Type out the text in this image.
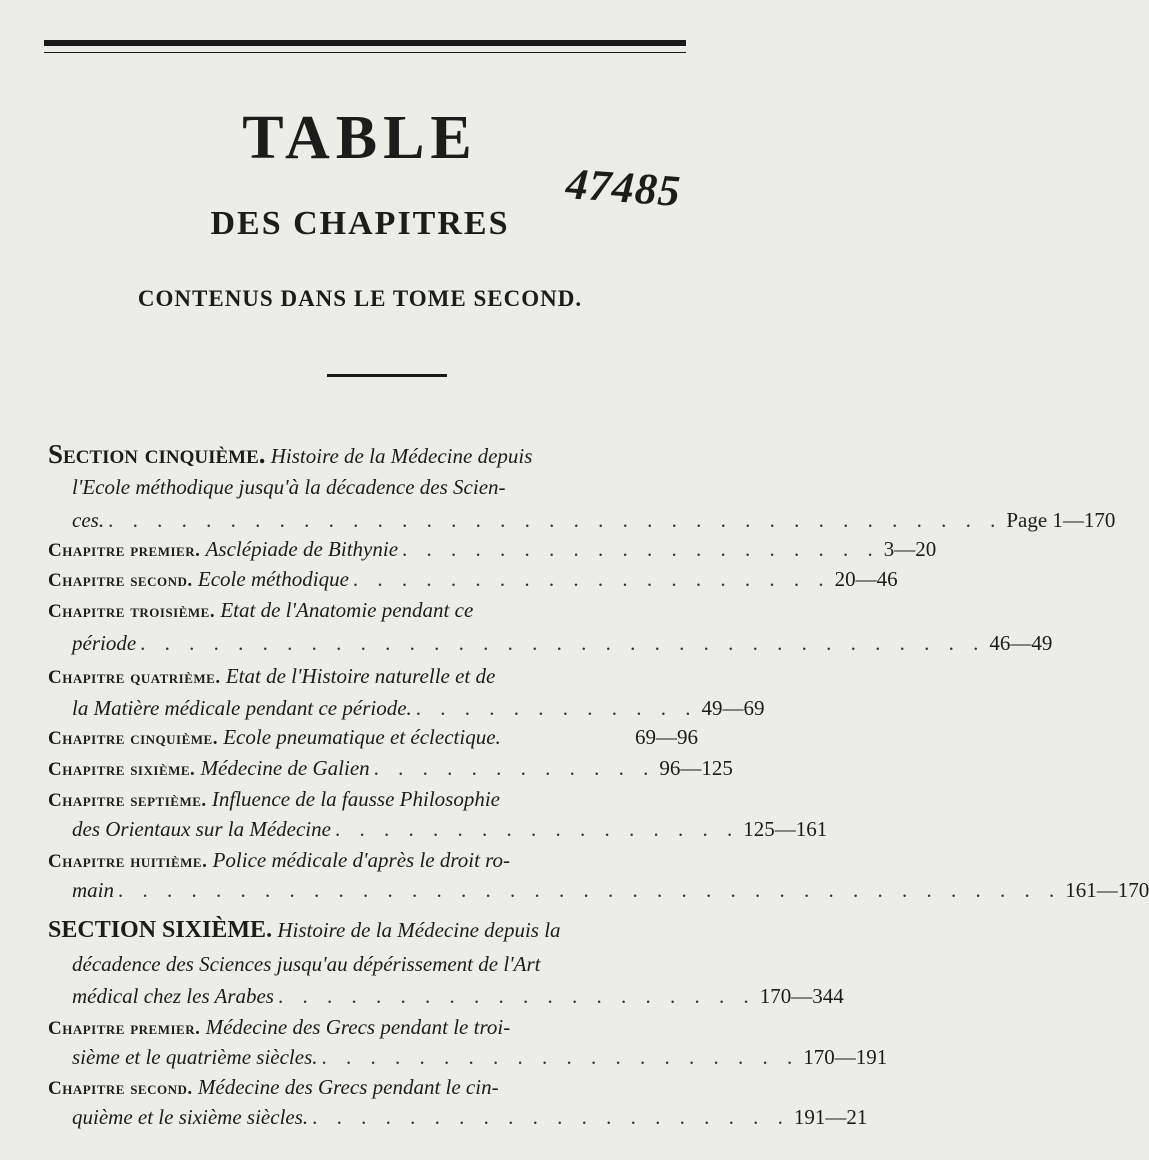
TABLE
47485
DES CHAPITRES
CONTENUS DANS LE TOME SECOND.
Section cinquième. Histoire de la Médecine depuis
l'Ecole méthodique jusqu'à la décadence des Scien-
ces. . . . . . . . . . . . . . . . . . . . . . . . . . . . . . . . . . . . . . Page 1—170
Chapitre premier. Asclépiade de Bithynie . . . . . . . . . . . . . . . . . . . . 3—20
Chapitre second. Ecole méthodique . . . . . . . . . . . . . . . . . . . . 20—46
Chapitre troisième. Etat de l'Anatomie pendant ce
période . . . . . . . . . . . . . . . . . . . . . . . . . . . . . . . . . . . 46—49
Chapitre quatrième. Etat de l'Histoire naturelle et de
la Matière médicale pendant ce période. . . . . . . . . . . . . 49—69
Chapitre cinquième. Ecole pneumatique et éclectique.	69—96
Chapitre sixième. Médecine de Galien . . . . . . . . . . . . 96—125
Chapitre septième. Influence de la fausse Philosophie
des Orientaux sur la Médecine . . . . . . . . . . . . . . . . . 125—161
Chapitre huitième. Police médicale d'après le droit ro-
main . . . . . . . . . . . . . . . . . . . . . . . . . . . . . . . . . . . . . . . 161—170
SECTION SIXIÈME. Histoire de la Médecine depuis la
décadence des Sciences jusqu'au dépérissement de l'Art
médical chez les Arabes . . . . . . . . . . . . . . . . . . . . 170—344
Chapitre premier. Médecine des Grecs pendant le troi-
sième et le quatrième siècles. . . . . . . . . . . . . . . . . . . . . 170—191
Chapitre second. Médecine des Grecs pendant le cin-
quième et le sixième siècles. . . . . . . . . . . . . . . . . . . . . 191—21
